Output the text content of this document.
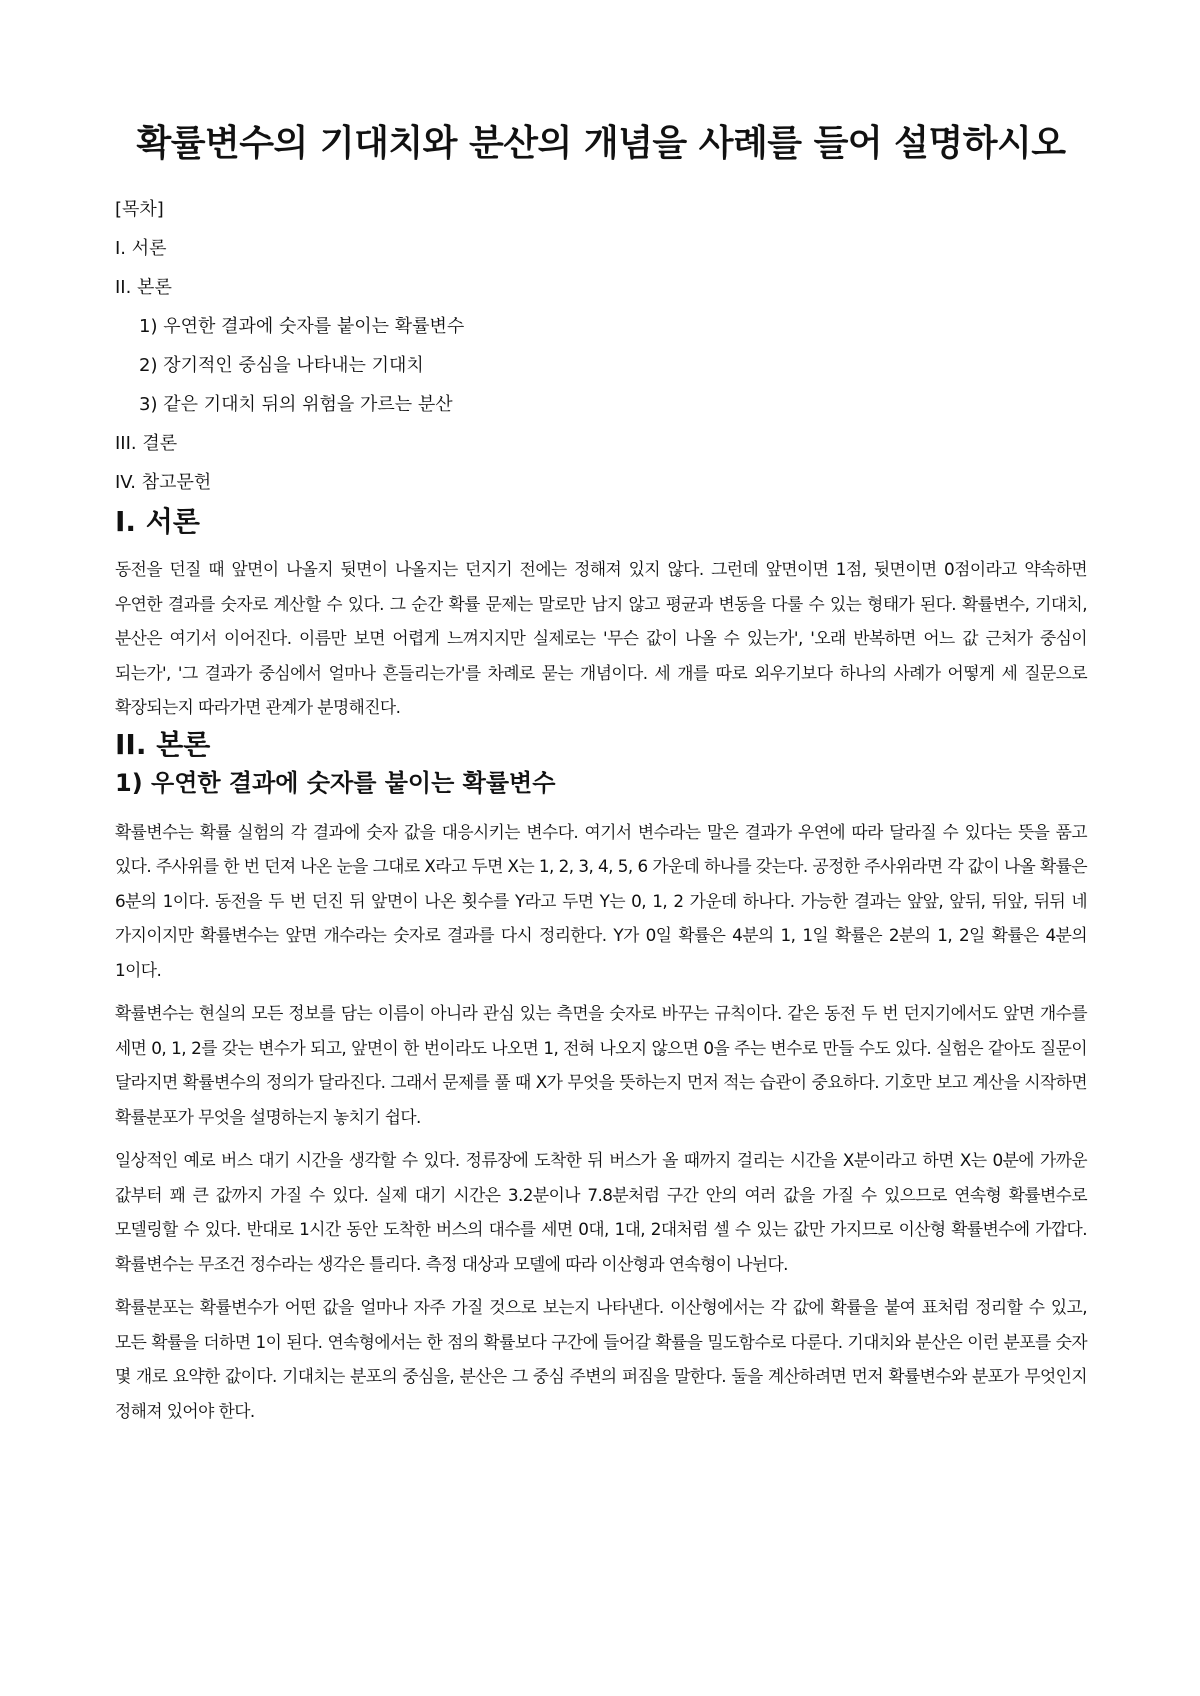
확률변수의 기대치와 분산의 개념을 사례를 들어 설명하시오
[목차]
I. 서론
II. 본론
1) 우연한 결과에 숫자를 붙이는 확률변수
2) 장기적인 중심을 나타내는 기대치
3) 같은 기대치 뒤의 위험을 가르는 분산
III. 결론
IV. 참고문헌
I. 서론

동전을 던질 때 앞면이 나올지 뒷면이 나올지는 던지기 전에는 정해져 있지 않다. 그런데 앞면이면 1점, 뒷면이면 0점이라고 약속하면 우연한 결과를 숫자로 계산할 수 있다. 그 순간 확률 문제는 말로만 남지 않고 평균과 변동을 다룰 수 있는 형태가 된다. 확률변수, 기대치, 분산은 여기서 이어진다. 이름만 보면 어렵게 느껴지지만 실제로는 '무슨 값이 나올 수 있는가', '오래 반복하면 어느 값 근처가 중심이 되는가', '그 결과가 중심에서 얼마나 흔들리는가'를 차례로 묻는 개념이다. 세 개를 따로 외우기보다 하나의 사례가 어떻게 세 질문으로 확장되는지 따라가면 관계가 분명해진다.

II. 본론
1) 우연한 결과에 숫자를 붙이는 확률변수

확률변수는 확률 실험의 각 결과에 숫자 값을 대응시키는 변수다. 여기서 변수라는 말은 결과가 우연에 따라 달라질 수 있다는 뜻을 품고 있다. 주사위를 한 번 던져 나온 눈을 그대로 X라고 두면 X는 1, 2, 3, 4, 5, 6 가운데 하나를 갖는다. 공정한 주사위라면 각 값이 나올 확률은 6분의 1이다. 동전을 두 번 던진 뒤 앞면이 나온 횟수를 Y라고 두면 Y는 0, 1, 2 가운데 하나다. 가능한 결과는 앞앞, 앞뒤, 뒤앞, 뒤뒤 네 가지이지만 확률변수는 앞면 개수라는 숫자로 결과를 다시 정리한다. Y가 0일 확률은 4분의 1, 1일 확률은 2분의 1, 2일 확률은 4분의 1이다.

확률변수는 현실의 모든 정보를 담는 이름이 아니라 관심 있는 측면을 숫자로 바꾸는 규칙이다. 같은 동전 두 번 던지기에서도 앞면 개수를 세면 0, 1, 2를 갖는 변수가 되고, 앞면이 한 번이라도 나오면 1, 전혀 나오지 않으면 0을 주는 변수로 만들 수도 있다. 실험은 같아도 질문이 달라지면 확률변수의 정의가 달라진다. 그래서 문제를 풀 때 X가 무엇을 뜻하는지 먼저 적는 습관이 중요하다. 기호만 보고 계산을 시작하면 확률분포가 무엇을 설명하는지 놓치기 쉽다.

일상적인 예로 버스 대기 시간을 생각할 수 있다. 정류장에 도착한 뒤 버스가 올 때까지 걸리는 시간을 X분이라고 하면 X는 0분에 가까운 값부터 꽤 큰 값까지 가질 수 있다. 실제 대기 시간은 3.2분이나 7.8분처럼 구간 안의 여러 값을 가질 수 있으므로 연속형 확률변수로 모델링할 수 있다. 반대로 1시간 동안 도착한 버스의 대수를 세면 0대, 1대, 2대처럼 셀 수 있는 값만 가지므로 이산형 확률변수에 가깝다. 확률변수는 무조건 정수라는 생각은 틀리다. 측정 대상과 모델에 따라 이산형과 연속형이 나뉜다.

확률분포는 확률변수가 어떤 값을 얼마나 자주 가질 것으로 보는지 나타낸다. 이산형에서는 각 값에 확률을 붙여 표처럼 정리할 수 있고, 모든 확률을 더하면 1이 된다. 연속형에서는 한 점의 확률보다 구간에 들어갈 확률을 밀도함수로 다룬다. 기대치와 분산은 이런 분포를 숫자 몇 개로 요약한 값이다. 기대치는 분포의 중심을, 분산은 그 중심 주변의 퍼짐을 말한다. 둘을 계산하려면 먼저 확률변수와 분포가 무엇인지 정해져 있어야 한다.
